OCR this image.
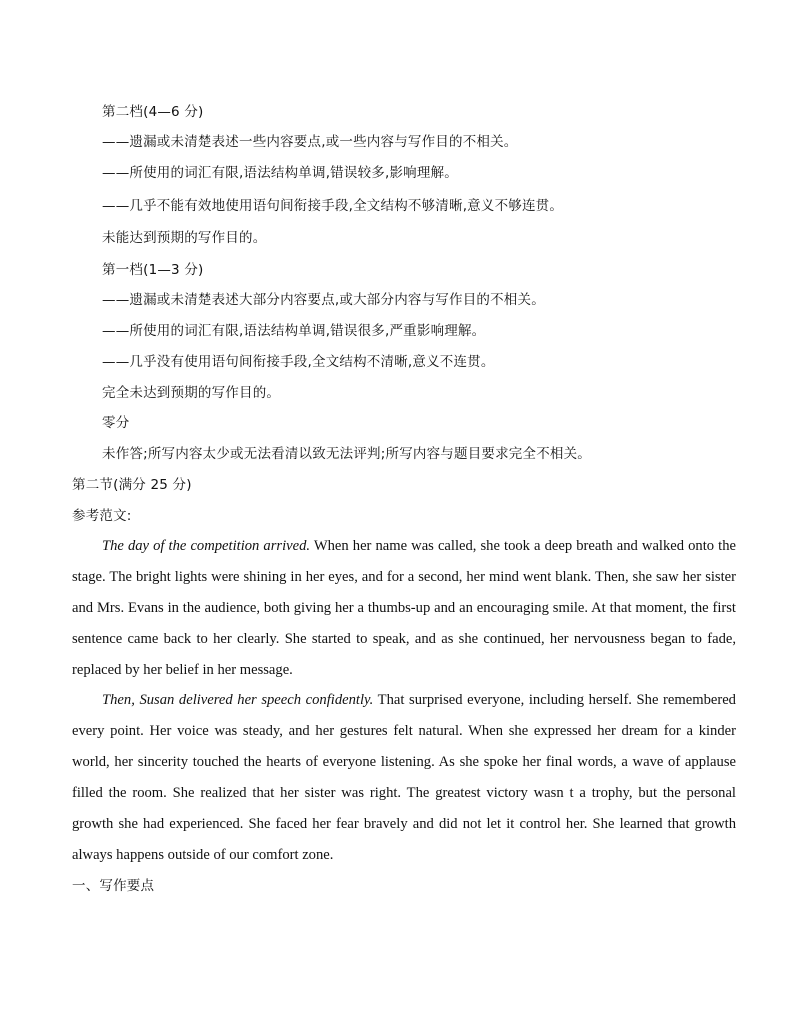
第二档(4—6 分)
——遗漏或未清楚表述一些内容要点,或一些内容与写作目的不相关。
——所使用的词汇有限,语法结构单调,错误较多,影响理解。
——几乎不能有效地使用语句间衔接手段,全文结构不够清晰,意义不够连贯。
未能达到预期的写作目的。
第一档(1—3 分)
——遗漏或未清楚表述大部分内容要点,或大部分内容与写作目的不相关。
——所使用的词汇有限,语法结构单调,错误很多,严重影响理解。
——几乎没有使用语句间衔接手段,全文结构不清晰,意义不连贯。
完全未达到预期的写作目的。
零分
未作答;所写内容太少或无法看清以致无法评判;所写内容与题目要求完全不相关。
第二节(满分 25 分)
参考范文:

The day of the competition arrived. When her name was called, she took a deep breath and walked onto the stage. The bright lights were shining in her eyes, and for a second, her mind went blank. Then, she saw her sister and Mrs. Evans in the audience, both giving her a thumbs-up and an encouraging smile. At that moment, the first sentence came back to her clearly. She started to speak, and as she continued, her nervousness began to fade, replaced by her belief in her message.

Then, Susan delivered her speech confidently. That surprised everyone, including herself. She remembered every point. Her voice was steady, and her gestures felt natural. When she expressed her dream for a kinder world, her sincerity touched the hearts of everyone listening. As she spoke her final words, a wave of applause filled the room. She realized that her sister was right. The greatest victory wasn t a trophy, but the personal growth she had experienced. She faced her fear bravely and did not let it control her. She learned that growth always happens outside of our comfort zone.

一、写作要点
